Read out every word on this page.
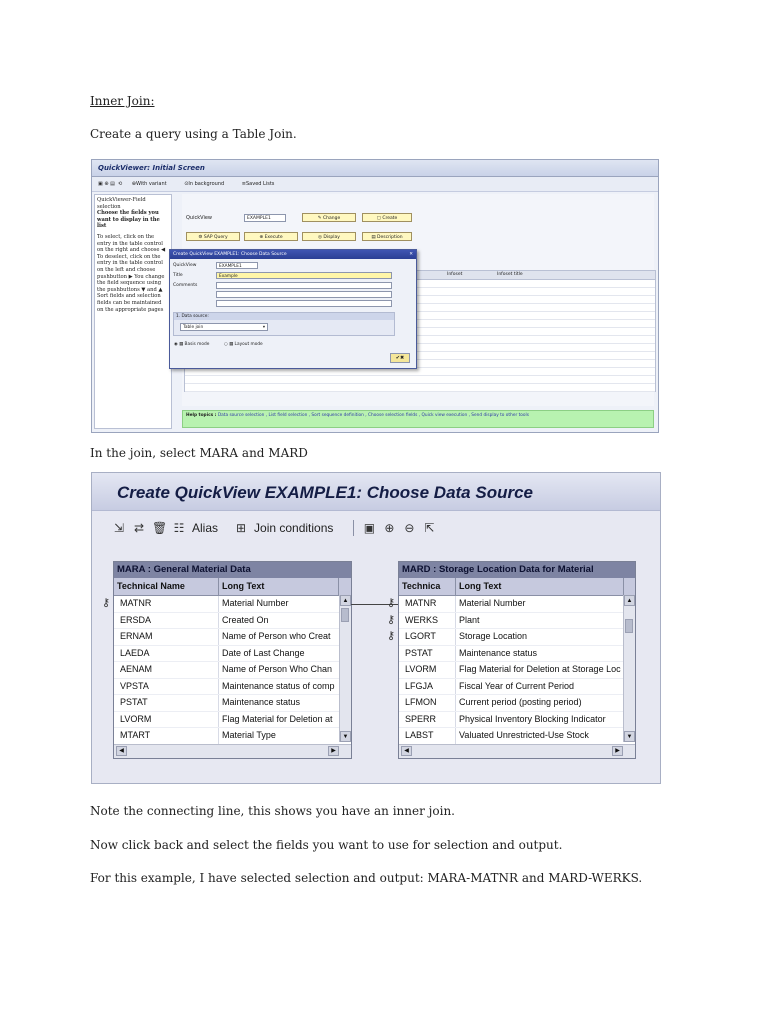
Inner Join:
Create a query using a Table Join.
QuickViewer: Initial Screen
▣ ⊕ ▤  ⟲ ⊕With variant	⊙In background	≡Saved Lists
QuickViewer-Field selection
Choose the fields you want to display in the list
To select, click on the entry in the table control on the right and choose ◀ To deselect, click on the entry in the table control on the left and choose pushbutton ▶ You change the field sequence using the pushbuttons ▼ and ▲ Sort fields and selection fields can be maintained on the appropriate pages
QuickView	EXAMPLE1	✎ Change	▢ Create
⚙ SAP Query	⊕ Execute	◎ Display	▤ Description
Infoset	Infoset title
Help topics : Data source selection , List field selection , Sort sequence definition , Choose selection fields , Quick view execution , Send display to other tools
Create QuickView EXAMPLE1: Choose Data Source	✕
QuickView	EXAMPLE1
Title	Example
Comments
1. Data source:
Table join	▾
◉ ▦ Basis mode	○ ▦ Layout mode
✔✖
In the join, select MARA and MARD
Create QuickView EXAMPLE1: Choose Data Source
⇲ ⇄ 🗑 ☷ Alias ⊞ Join conditions	▣ ⊕ ⊖ ⇱
MARA : General Material Data
Technical Name	Long Text
⚷ MATNR	Material Number
ERSDA	Created On
ERNAM	Name of Person who Creat
LAEDA	Date of Last Change
AENAM	Name of Person Who Chan
VPSTA	Maintenance status of comp
PSTAT	Maintenance status
LVORM	Flag Material for Deletion at
MTART	Material Type
▲
▼
◀	▶
MARD : Storage Location Data for Material
Technica	Long Text
⚷ MATNR	Material Number
⚷ WERKS	Plant
⚷ LGORT	Storage Location
PSTAT	Maintenance status
LVORM	Flag Material for Deletion at Storage Loc
LFGJA	Fiscal Year of Current Period
LFMON	Current period (posting period)
SPERR	Physical Inventory Blocking Indicator
LABST	Valuated Unrestricted-Use Stock
▲
▼
◀	▶
Note the connecting line, this shows you have an inner join.
Now click back and select the fields you want to use for selection and output.
For this example, I have selected selection and output: MARA-MATNR and MARD-WERKS.
